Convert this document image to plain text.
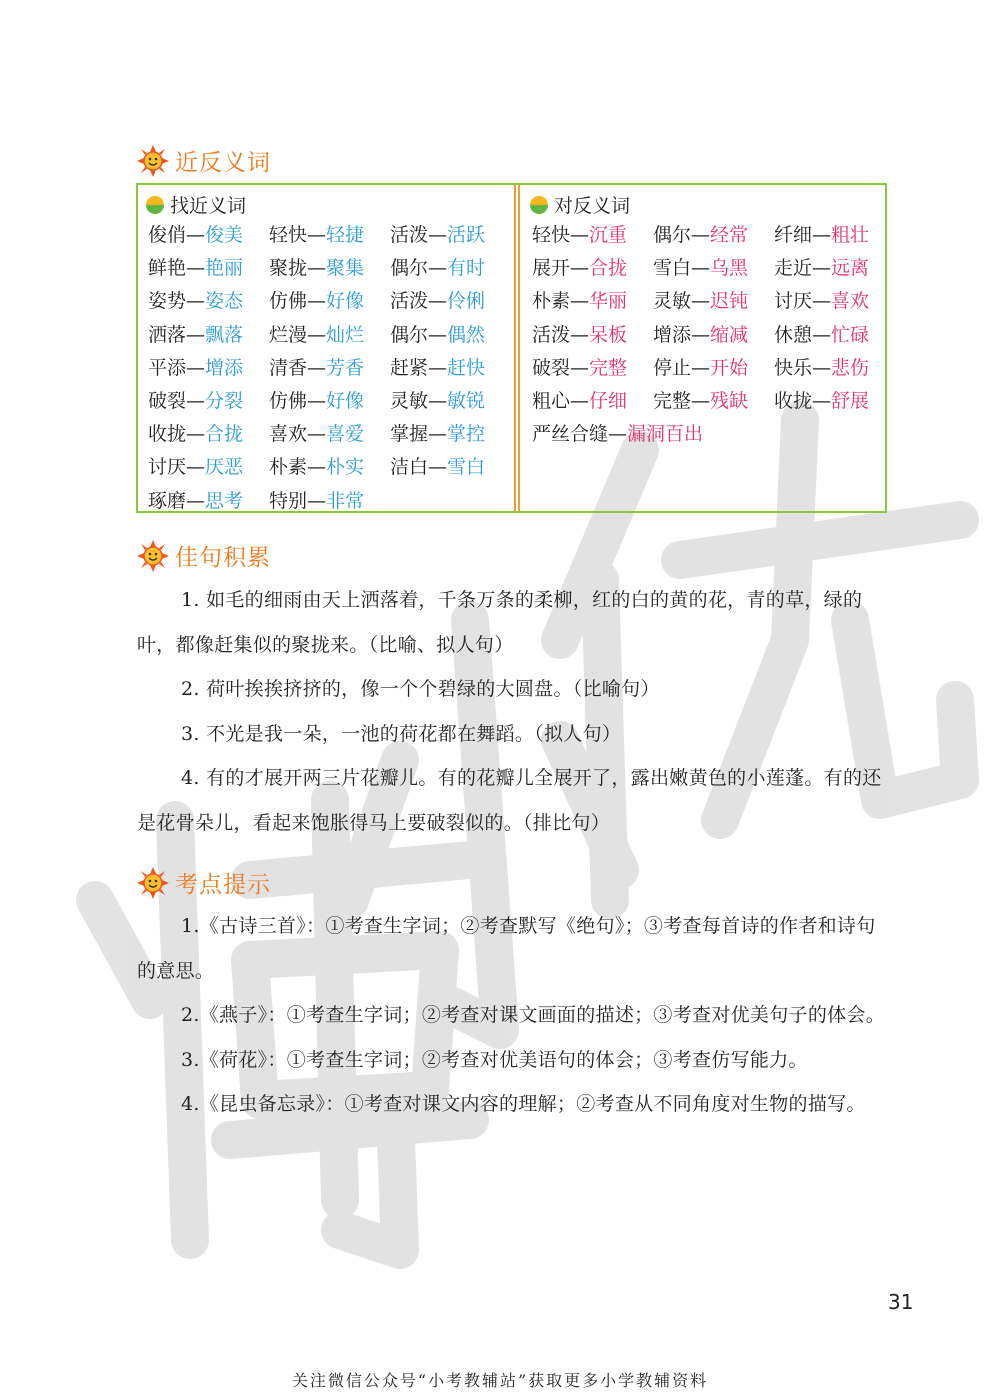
近反义词
找近义词
俊俏—俊美	轻快—轻捷	活泼—活跃
鲜艳—艳丽	聚拢—聚集	偶尔—有时
姿势—姿态	仿佛—好像	活泼—伶俐
洒落—飘落	烂漫—灿烂	偶尔—偶然
平添—增添	清香—芳香	赶紧—赶快
破裂—分裂	仿佛—好像	灵敏—敏锐
收拢—合拢	喜欢—喜爱	掌握—掌控
讨厌—厌恶	朴素—朴实	洁白—雪白
琢磨—思考	特别—非常
对反义词
轻快—沉重	偶尔—经常	纤细—粗壮
展开—合拢	雪白—乌黑	走近—远离
朴素—华丽	灵敏—迟钝	讨厌—喜欢
活泼—呆板	增添—缩减	休憩—忙碌
破裂—完整	停止—开始	快乐—悲伤
粗心—仔细	完整—残缺	收拢—舒展
严丝合缝—漏洞百出
佳句积累

1. 如毛的细雨由天上洒落着，千条万条的柔柳，红的白的黄的花，青的草，绿的叶，都像赶集似的聚拢来。（比喻、拟人句）

2. 荷叶挨挨挤挤的，像一个个碧绿的大圆盘。（比喻句）

3. 不光是我一朵，一池的荷花都在舞蹈。（拟人句）

4. 有的才展开两三片花瓣儿。有的花瓣儿全展开了，露出嫩黄色的小莲蓬。有的还是花骨朵儿，看起来饱胀得马上要破裂似的。（排比句）

考点提示

1.《古诗三首》：①考查生字词；②考查默写《绝句》；③考查每首诗的作者和诗句的意思。

2.《燕子》：①考查生字词；②考查对课文画面的描述；③考查对优美句子的体会。

3.《荷花》：①考查生字词；②考查对优美语句的体会；③考查仿写能力。

4.《昆虫备忘录》：①考查对课文内容的理解；②考查从不同角度对生物的描写。

31
关注微信公众号“小考教辅站”获取更多小学教辅资料
